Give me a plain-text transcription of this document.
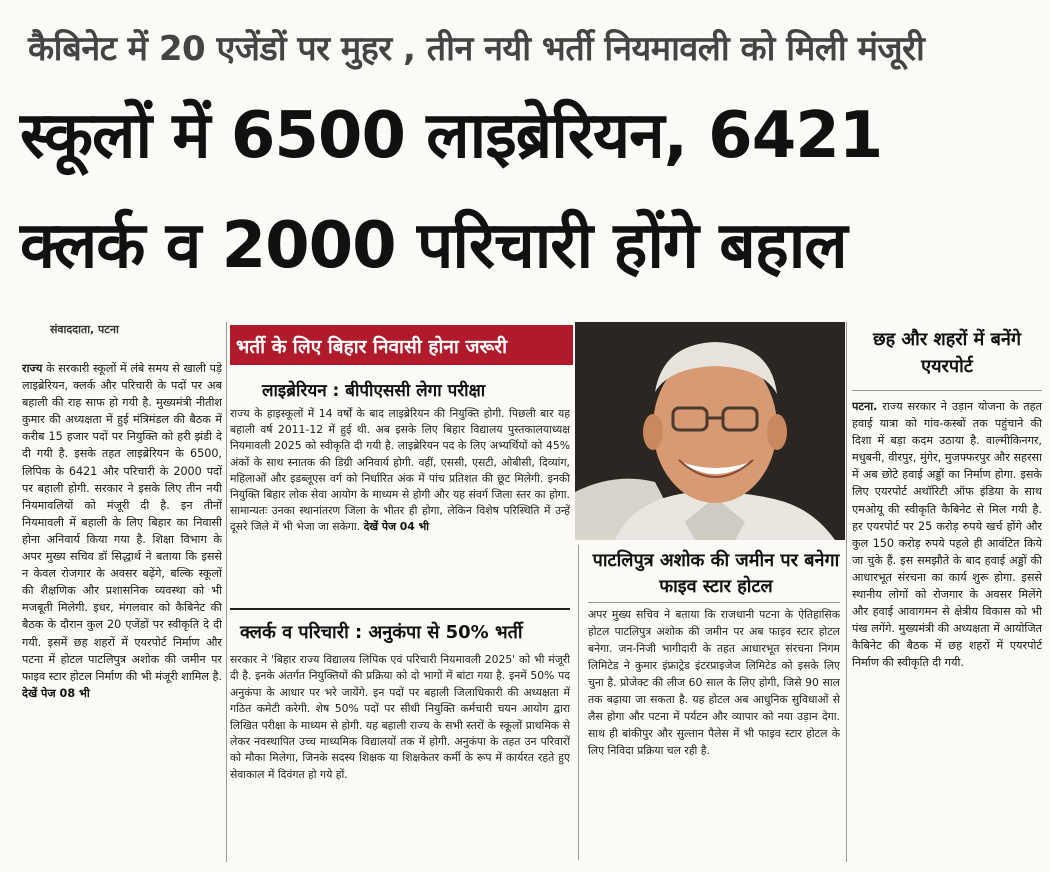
कैबिनेट में 20 एजेंडों पर मुहर , तीन नयी भर्ती नियमावली को मिली मंजूरी
स्कूलों में 6500 लाइब्रेरियन, 6421
क्लर्क व 2000 परिचारी होंगे बहाल
संवाददाता, पटना
राज्य के सरकारी स्कूलों में लंबे समय से खाली पड़े लाइब्रेरियन, क्लर्क और परिचारी के पदों पर अब बहाली की राह साफ हो गयी है. मुख्यमंत्री नीतीश कुमार की अध्यक्षता में हुई मंत्रिमंडल की बैठक में करीब 15 हजार पदों पर नियुक्ति को हरी झंडी दे दी गयी है. इसके तहत लाइब्रेरियन के 6500, लिपिक के 6421 और परिचारी के 2000 पदों पर बहाली होगी. सरकार ने इसके लिए तीन नयी नियमावलियों को मंजूरी दी है. इन तीनों नियमावली में बहाली के लिए बिहार का निवासी होना अनिवार्य किया गया है. शिक्षा विभाग के अपर मुख्य सचिव डॉ सिद्धार्थ ने बताया कि इससे न केवल रोजगार के अवसर बढ़ेंगे, बल्कि स्कूलों की शैक्षणिक और प्रशासनिक व्यवस्था को भी मजबूती मिलेगी. इधर, मंगलवार को कैबिनेट की बैठक के दौरान कुल 20 एजेंडों पर स्वीकृति दे दी गयी. इसमें छह शहरों में एयरपोर्ट निर्माण और पटना में होटल पाटलिपुत्र अशोक की जमीन पर फाइव स्टार होटल निर्माण की भी मंजूरी शामिल है. देखें पेज 08 भी
भर्ती के लिए बिहार निवासी होना जरूरी
लाइब्रेरियन : बीपीएससी लेगा परीक्षा
राज्य के हाइस्कूलों में 14 वर्षों के बाद लाइब्रेरियन की नियुक्ति होगी. पिछली बार यह बहाली वर्ष 2011-12 में हुई थी. अब इसके लिए बिहार विद्यालय पुस्तकालयाध्यक्ष नियमावली 2025 को स्वीकृति दी गयी है. लाइब्रेरियन पद के लिए अभ्यर्थियों को 45% अंकों के साथ स्नातक की डिग्री अनिवार्य होगी. वहीं, एससी, एसटी, ओबीसी, दिव्यांग, महिलाओं और इडब्लूएस वर्ग को निर्धारित अंक में पांच प्रतिशत की छूट मिलेगी. इनकी नियुक्ति बिहार लोक सेवा आयोग के माध्यम से होगी और यह संवर्ग जिला स्तर का होगा. सामान्यतः उनका स्थानांतरण जिला के भीतर ही होगा, लेकिन विशेष परिस्थिति में उन्हें दूसरे जिले में भी भेजा जा सकेगा. देखें पेज 04 भी
क्लर्क व परिचारी : अनुकंपा से 50% भर्ती
सरकार ने 'बिहार राज्य विद्यालय लिपिक एवं परिचारी नियमावली 2025' को भी मंजूरी दी है. इनके अंतर्गत नियुक्तियों की प्रक्रिया को दो भागों में बांटा गया है. इनमें 50% पद अनुकंपा के आधार पर भरे जायेंगे. इन पदों पर बहाली जिलाधिकारी की अध्यक्षता में गठित कमेटी करेगी. शेष 50% पदों पर सीधी नियुक्ति कर्मचारी चयन आयोग द्वारा लिखित परीक्षा के माध्यम से होगी. यह बहाली राज्य के सभी स्तरों के स्कूलों प्राथमिक से लेकर नवस्थापित उच्च माध्यमिक विद्यालयों तक में होगी. अनुकंपा के तहत उन परिवारों को मौका मिलेगा, जिनके सदस्य शिक्षक या शिक्षकेतर कर्मी के रूप में कार्यरत रहते हुए सेवाकाल में दिवंगत हो गये हों.
पाटलिपुत्र अशोक की जमीन पर बनेगा फाइव स्टार होटल
अपर मुख्य सचिव ने बताया कि राजधानी पटना के ऐतिहासिक होटल पाटलिपुत्र अशोक की जमीन पर अब फाइव स्टार होटल बनेगा. जन-निजी भागीदारी के तहत आधारभूत संरचना निगम लिमिटेड ने कुमार इंफ्राट्रेड इंटरप्राइजेज लिमिटेड को इसके लिए चुना है. प्रोजेक्ट की लीज 60 साल के लिए होगी, जिसे 90 साल तक बढ़ाया जा सकता है. यह होटल अब आधुनिक सुविधाओं से लैस होगा और पटना में पर्यटन और व्यापार को नया उड़ान देगा. साथ ही बांकीपुर और सुल्तान पैलेस में भी फाइव स्टार होटल के लिए निविदा प्रक्रिया चल रही है.
छह और शहरों में बनेंगे एयरपोर्ट
पटना. राज्य सरकार ने उड़ान योजना के तहत हवाई यात्रा को गांव-कस्बों तक पहुंचाने की दिशा में बड़ा कदम उठाया है. वाल्मीकिनगर, मधुबनी, वीरपुर, मुंगेर, मुजफ्फरपुर और सहरसा में अब छोटे हवाई अड्डों का निर्माण होगा. इसके लिए एयरपोर्ट अथॉरिटी ऑफ इंडिया के साथ एमओयू की स्वीकृति कैबिनेट से मिल गयी है. हर एयरपोर्ट पर 25 करोड़ रुपये खर्च होंगे और कुल 150 करोड़ रुपये पहले ही आवंटित किये जा चुके हैं. इस समझौते के बाद हवाई अड्डों की आधारभूत संरचना का कार्य शुरू होगा. इससे स्थानीय लोगों को रोजगार के अवसर मिलेंगे और हवाई आवागमन से क्षेत्रीय विकास को भी पंख लगेंगे. मुख्यमंत्री की अध्यक्षता में आयोजित कैबिनेट की बैठक में छह शहरों में एयरपोर्ट निर्माण की स्वीकृति दी गयी.
